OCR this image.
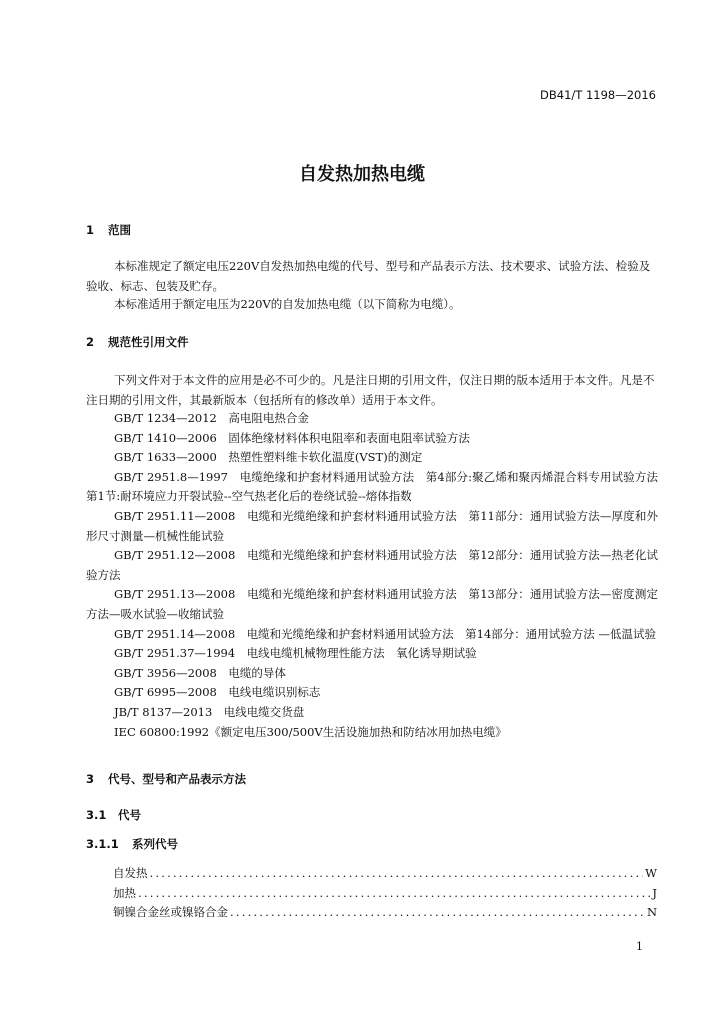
DB41/T 1198—2016
自发热加热电缆
1 范围
本标准规定了额定电压220V自发热加热电缆的代号、型号和产品表示方法、技术要求、试验方法、检验及验收、标志、包装及贮存。
本标准适用于额定电压为220V的自发加热电缆（以下简称为电缆）。
2 规范性引用文件
下列文件对于本文件的应用是必不可少的。凡是注日期的引用文件，仅注日期的版本适用于本文件。凡是不注日期的引用文件，其最新版本（包括所有的修改单）适用于本文件。
GB/T 1234—2012　高电阻电热合金
GB/T 1410—2006　固体绝缘材料体积电阻率和表面电阻率试验方法
GB/T 1633—2000　热塑性塑料维卡软化温度(VST)的测定
GB/T 2951.8—1997　电缆绝缘和护套材料通用试验方法　第4部分:聚乙烯和聚丙烯混合料专用试验方法 第1节:耐环境应力开裂试验--空气热老化后的卷绕试验--熔体指数
GB/T 2951.11—2008　电缆和光缆绝缘和护套材料通用试验方法　第11部分：通用试验方法—厚度和外形尺寸测量—机械性能试验
GB/T 2951.12—2008　电缆和光缆绝缘和护套材料通用试验方法　第12部分：通用试验方法—热老化试验方法
GB/T 2951.13—2008　电缆和光缆绝缘和护套材料通用试验方法　第13部分：通用试验方法—密度测定方法—吸水试验—收缩试验
GB/T 2951.14—2008　电缆和光缆绝缘和护套材料通用试验方法　第14部分：通用试验方法 —低温试验
GB/T 2951.37—1994　电线电缆机械物理性能方法　氧化诱导期试验
GB/T 3956—2008　电缆的导体
GB/T 6995—2008　电线电缆识别标志
JB/T 8137—2013　电线电缆交货盘
IEC 60800:1992《额定电压300/500V生活设施加热和防结冰用加热电缆》
3 代号、型号和产品表示方法
3.1 代号
3.1.1 系列代号
自发热 .....	W
加热 .....	J
铜镍合金丝或镍铬合金 .....	N
1
